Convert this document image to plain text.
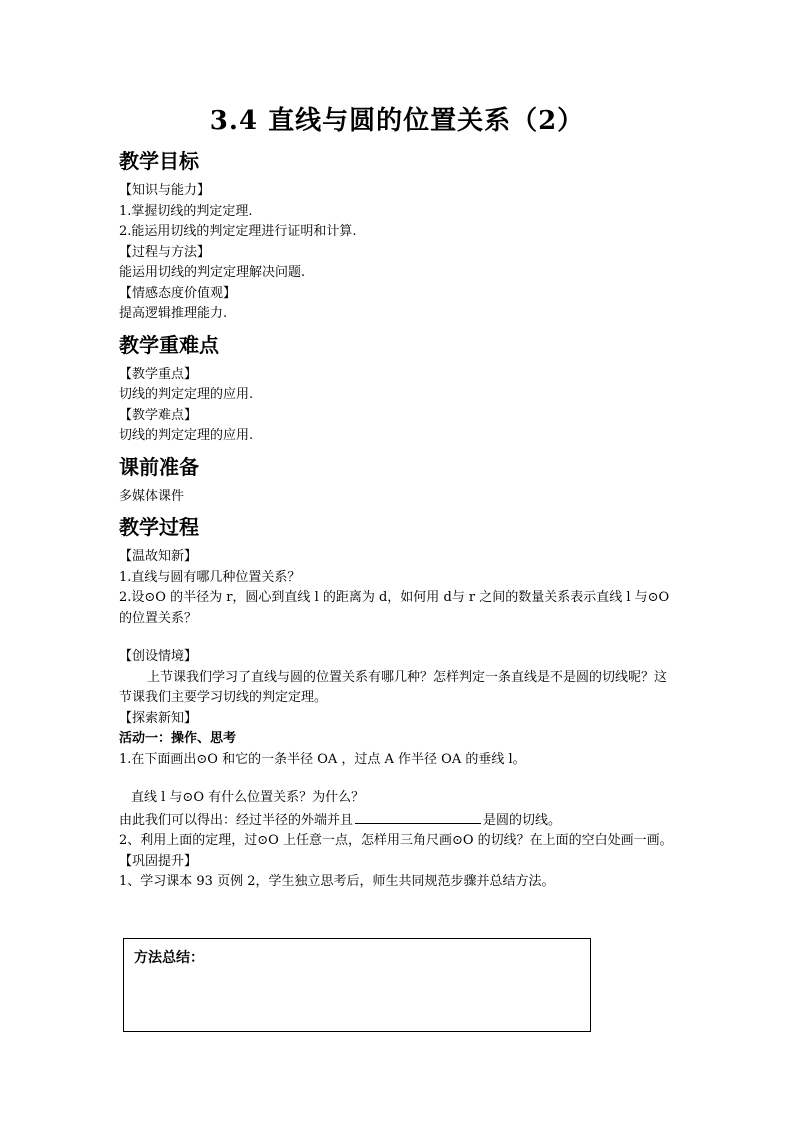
3.4 直线与圆的位置关系（2）
教学目标
【知识与能力】
1.掌握切线的判定定理.
2.能运用切线的判定定理进行证明和计算.
【过程与方法】
能运用切线的判定定理解决问题.
【情感态度价值观】
提高逻辑推理能力.
教学重难点
【教学重点】
切线的判定定理的应用.
【教学难点】
切线的判定定理的应用.
课前准备
多媒体课件
教学过程
【温故知新】
1.直线与圆有哪几种位置关系？
2.设⊙O 的半径为 r，圆心到直线 l 的距离为 d，如何用 d与 r 之间的数量关系表示直线 l 与⊙O 的位置关系？
【创设情境】
上节课我们学习了直线与圆的位置关系有哪几种？怎样判定一条直线是不是圆的切线呢？这节课我们主要学习切线的判定定理。
【探索新知】
活动一：操作、思考
1.在下面画出⊙O 和它的一条半径 OA ，过点 A 作半径 OA 的垂线 l。
直线 l 与⊙O 有什么位置关系？为什么？
由此我们可以得出：经过半径的外端并且	是圆的切线。
2、利用上面的定理，过⊙O 上任意一点，怎样用三角尺画⊙O 的切线？在上面的空白处画一画。
【巩固提升】
1、学习课本 93 页例 2，学生独立思考后，师生共同规范步骤并总结方法。
方法总结：
